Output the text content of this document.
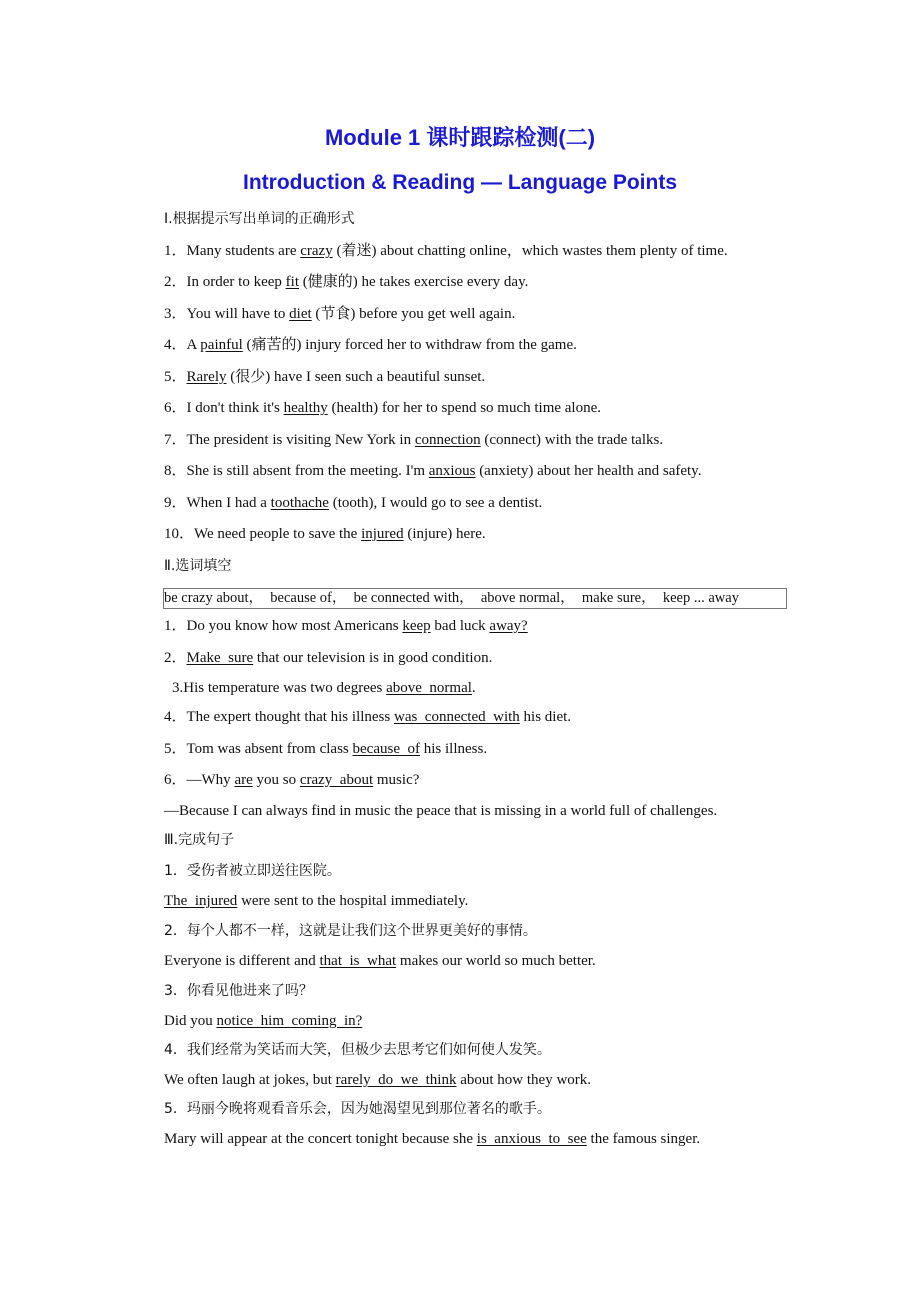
Module 1 课时跟踪检测(二)
Introduction & Reading — Language Points
Ⅰ.根据提示写出单词的正确形式
1．Many students are crazy (着迷) about chatting online，which wastes them plenty of time.
2．In order to keep fit (健康的) he takes exercise every day.
3．You will have to diet (节食) before you get well again.
4．A painful (痛苦的) injury forced her to withdraw from the game.
5．Rarely (很少) have I seen such a beautiful sunset.
6．I don't think it's healthy (health) for her to spend so much time alone.
7．The president is visiting New York in connection (connect) with the trade talks.
8．She is still absent from the meeting. I'm anxious (anxiety) about her health and safety.
9．When I had a toothache (tooth), I would go to see a dentist.
10．We need people to save the injured (injure) here.
Ⅱ.选词填空
be crazy about，  because of，  be connected with，  above normal，  make sure，  keep ... away
1．Do you know how most Americans keep bad luck away?
2．Make  sure that our television is in good condition.
3.His temperature was two degrees above  normal.
4．The expert thought that his illness was  connected  with his diet.
5．Tom was absent from class because  of his illness.
6．—Why are you so crazy  about music?
—Because I can always find in music the peace that is missing in a world full of challenges.
Ⅲ.完成句子
1．受伤者被立即送往医院。
The  injured were sent to the hospital immediately.
2．每个人都不一样，这就是让我们这个世界更美好的事情。
Everyone is different and that  is  what makes our world so much better.
3．你看见他进来了吗？
Did you notice  him  coming  in?
4．我们经常为笑话而大笑，但极少去思考它们如何使人发笑。
We often laugh at jokes, but rarely  do  we  think about how they work.
5．玛丽今晚将观看音乐会，因为她渴望见到那位著名的歌手。
Mary will appear at the concert tonight because she is  anxious  to  see the famous singer.
